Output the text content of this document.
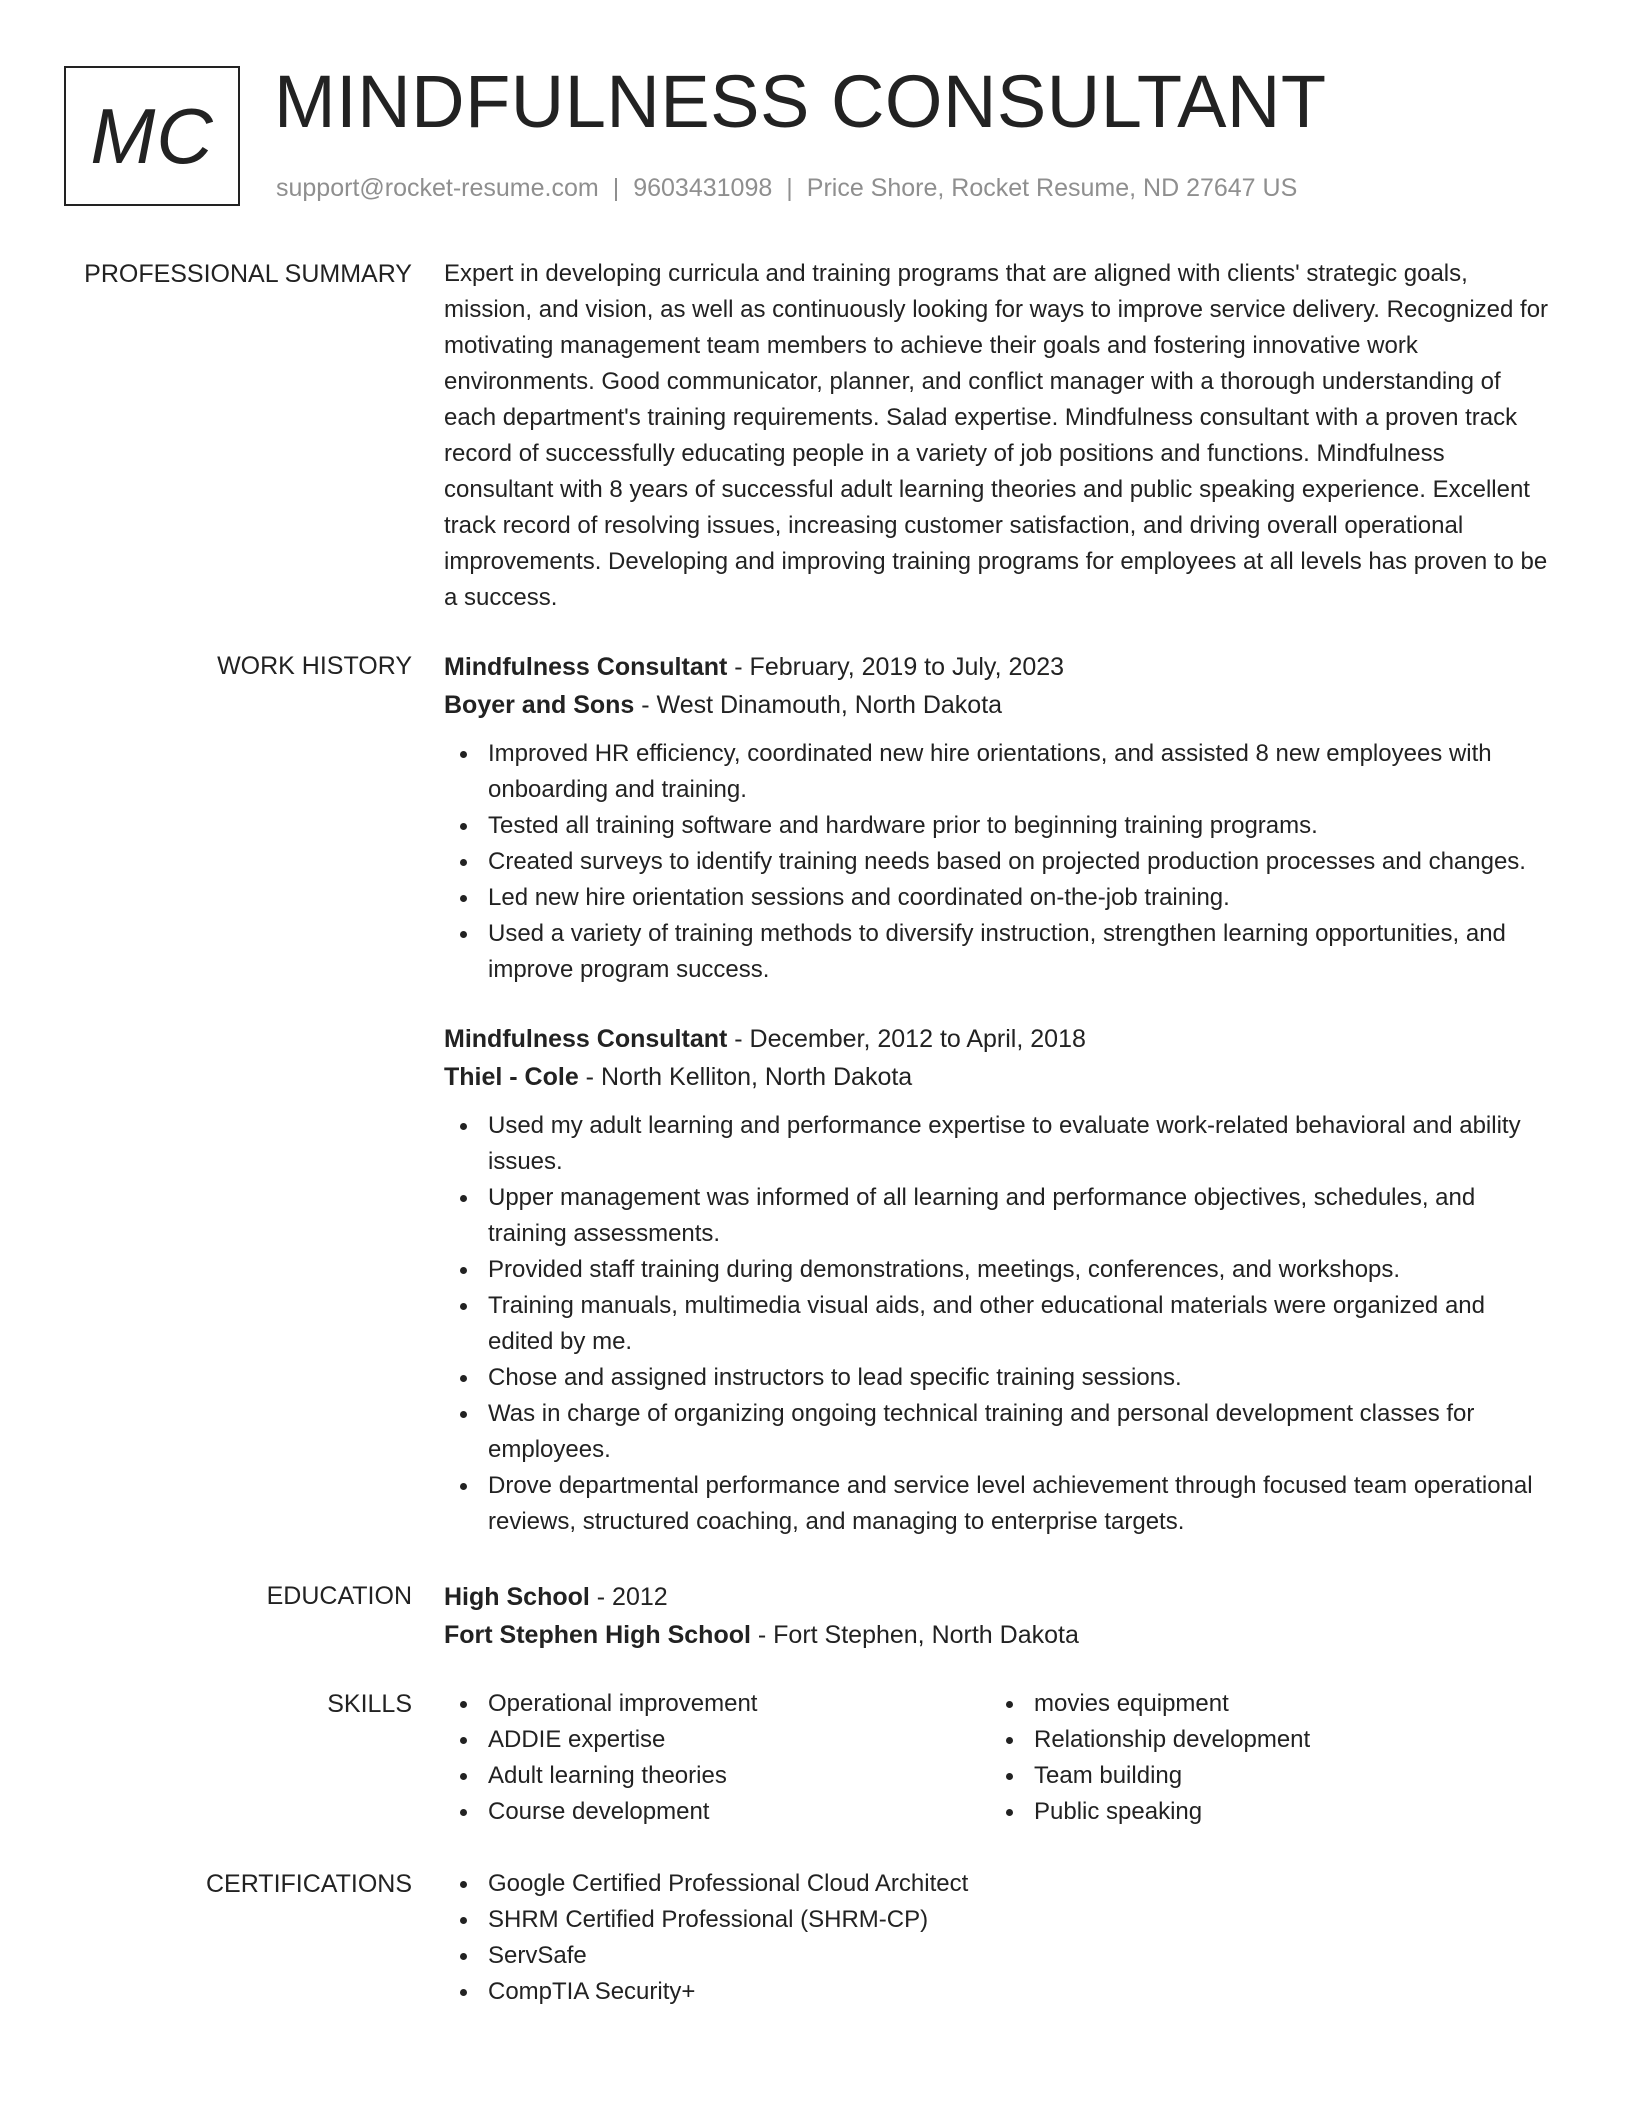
MC MINDFULNESS CONSULTANT
support@rocket-resume.com | 9603431098 | Price Shore, Rocket Resume, ND 27647 US
PROFESSIONAL SUMMARY Expert in developing curricula and training programs that are aligned with clients' strategic goals, mission, and vision, as well as continuously looking for ways to improve service delivery. Recognized for motivating management team members to achieve their goals and fostering innovative work environments. Good communicator, planner, and conflict manager with a thorough understanding of each department's training requirements. Salad expertise. Mindfulness consultant with a proven track record of successfully educating people in a variety of job positions and functions. Mindfulness consultant with 8 years of successful adult learning theories and public speaking experience. Excellent track record of resolving issues, increasing customer satisfaction, and driving overall operational improvements. Developing and improving training programs for employees at all levels has proven to be a success.
WORK HISTORY Mindfulness Consultant - February, 2019 to July, 2023
Boyer and Sons - West Dinamouth, North Dakota
Improved HR efficiency, coordinated new hire orientations, and assisted 8 new employees with onboarding and training.
Tested all training software and hardware prior to beginning training programs.
Created surveys to identify training needs based on projected production processes and changes.
Led new hire orientation sessions and coordinated on-the-job training.
Used a variety of training methods to diversify instruction, strengthen learning opportunities, and improve program success.
Mindfulness Consultant - December, 2012 to April, 2018
Thiel - Cole - North Kelliton, North Dakota
Used my adult learning and performance expertise to evaluate work-related behavioral and ability issues.
Upper management was informed of all learning and performance objectives, schedules, and training assessments.
Provided staff training during demonstrations, meetings, conferences, and workshops.
Training manuals, multimedia visual aids, and other educational materials were organized and edited by me.
Chose and assigned instructors to lead specific training sessions.
Was in charge of organizing ongoing technical training and personal development classes for employees.
Drove departmental performance and service level achievement through focused team operational reviews, structured coaching, and managing to enterprise targets.
EDUCATION High School - 2012
Fort Stephen High School - Fort Stephen, North Dakota
SKILLS	Operational improvement
ADDIE expertise
Adult learning theories
Course development
movies equipment
Relationship development
Team building
Public speaking
CERTIFICATIONS	Google Certified Professional Cloud Architect
SHRM Certified Professional (SHRM-CP)
ServSafe
CompTIA Security+
